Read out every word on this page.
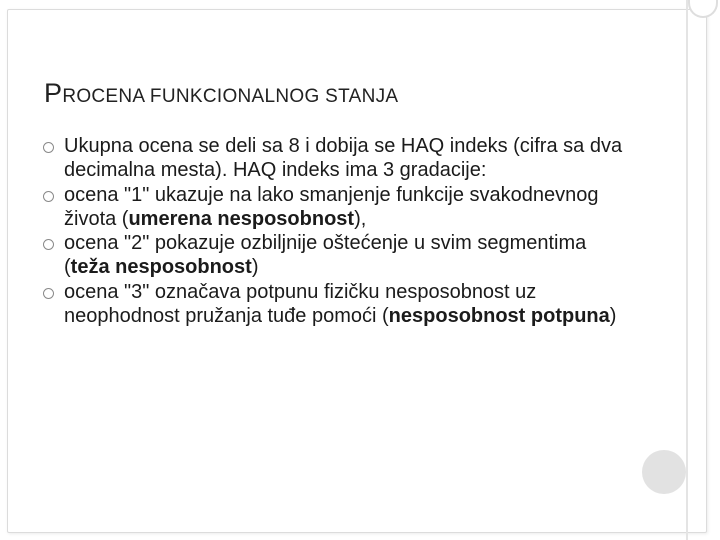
PROCENA FUNKCIONALNOG STANJA
Ukupna ocena se deli sa 8 i dobija se HAQ indeks (cifra sa dva decimalna mesta). HAQ indeks ima 3 gradacije:
ocena "1" ukazuje na lako smanjenje funkcije svakodnevnog života (umerena nesposobnost),
ocena "2" pokazuje ozbiljnije oštećenje u svim segmentima (teža nesposobnost)
ocena "3" označava potpunu fizičku nesposobnost uz neophodnost pružanja tuđe pomoći (nesposobnost potpuna)
